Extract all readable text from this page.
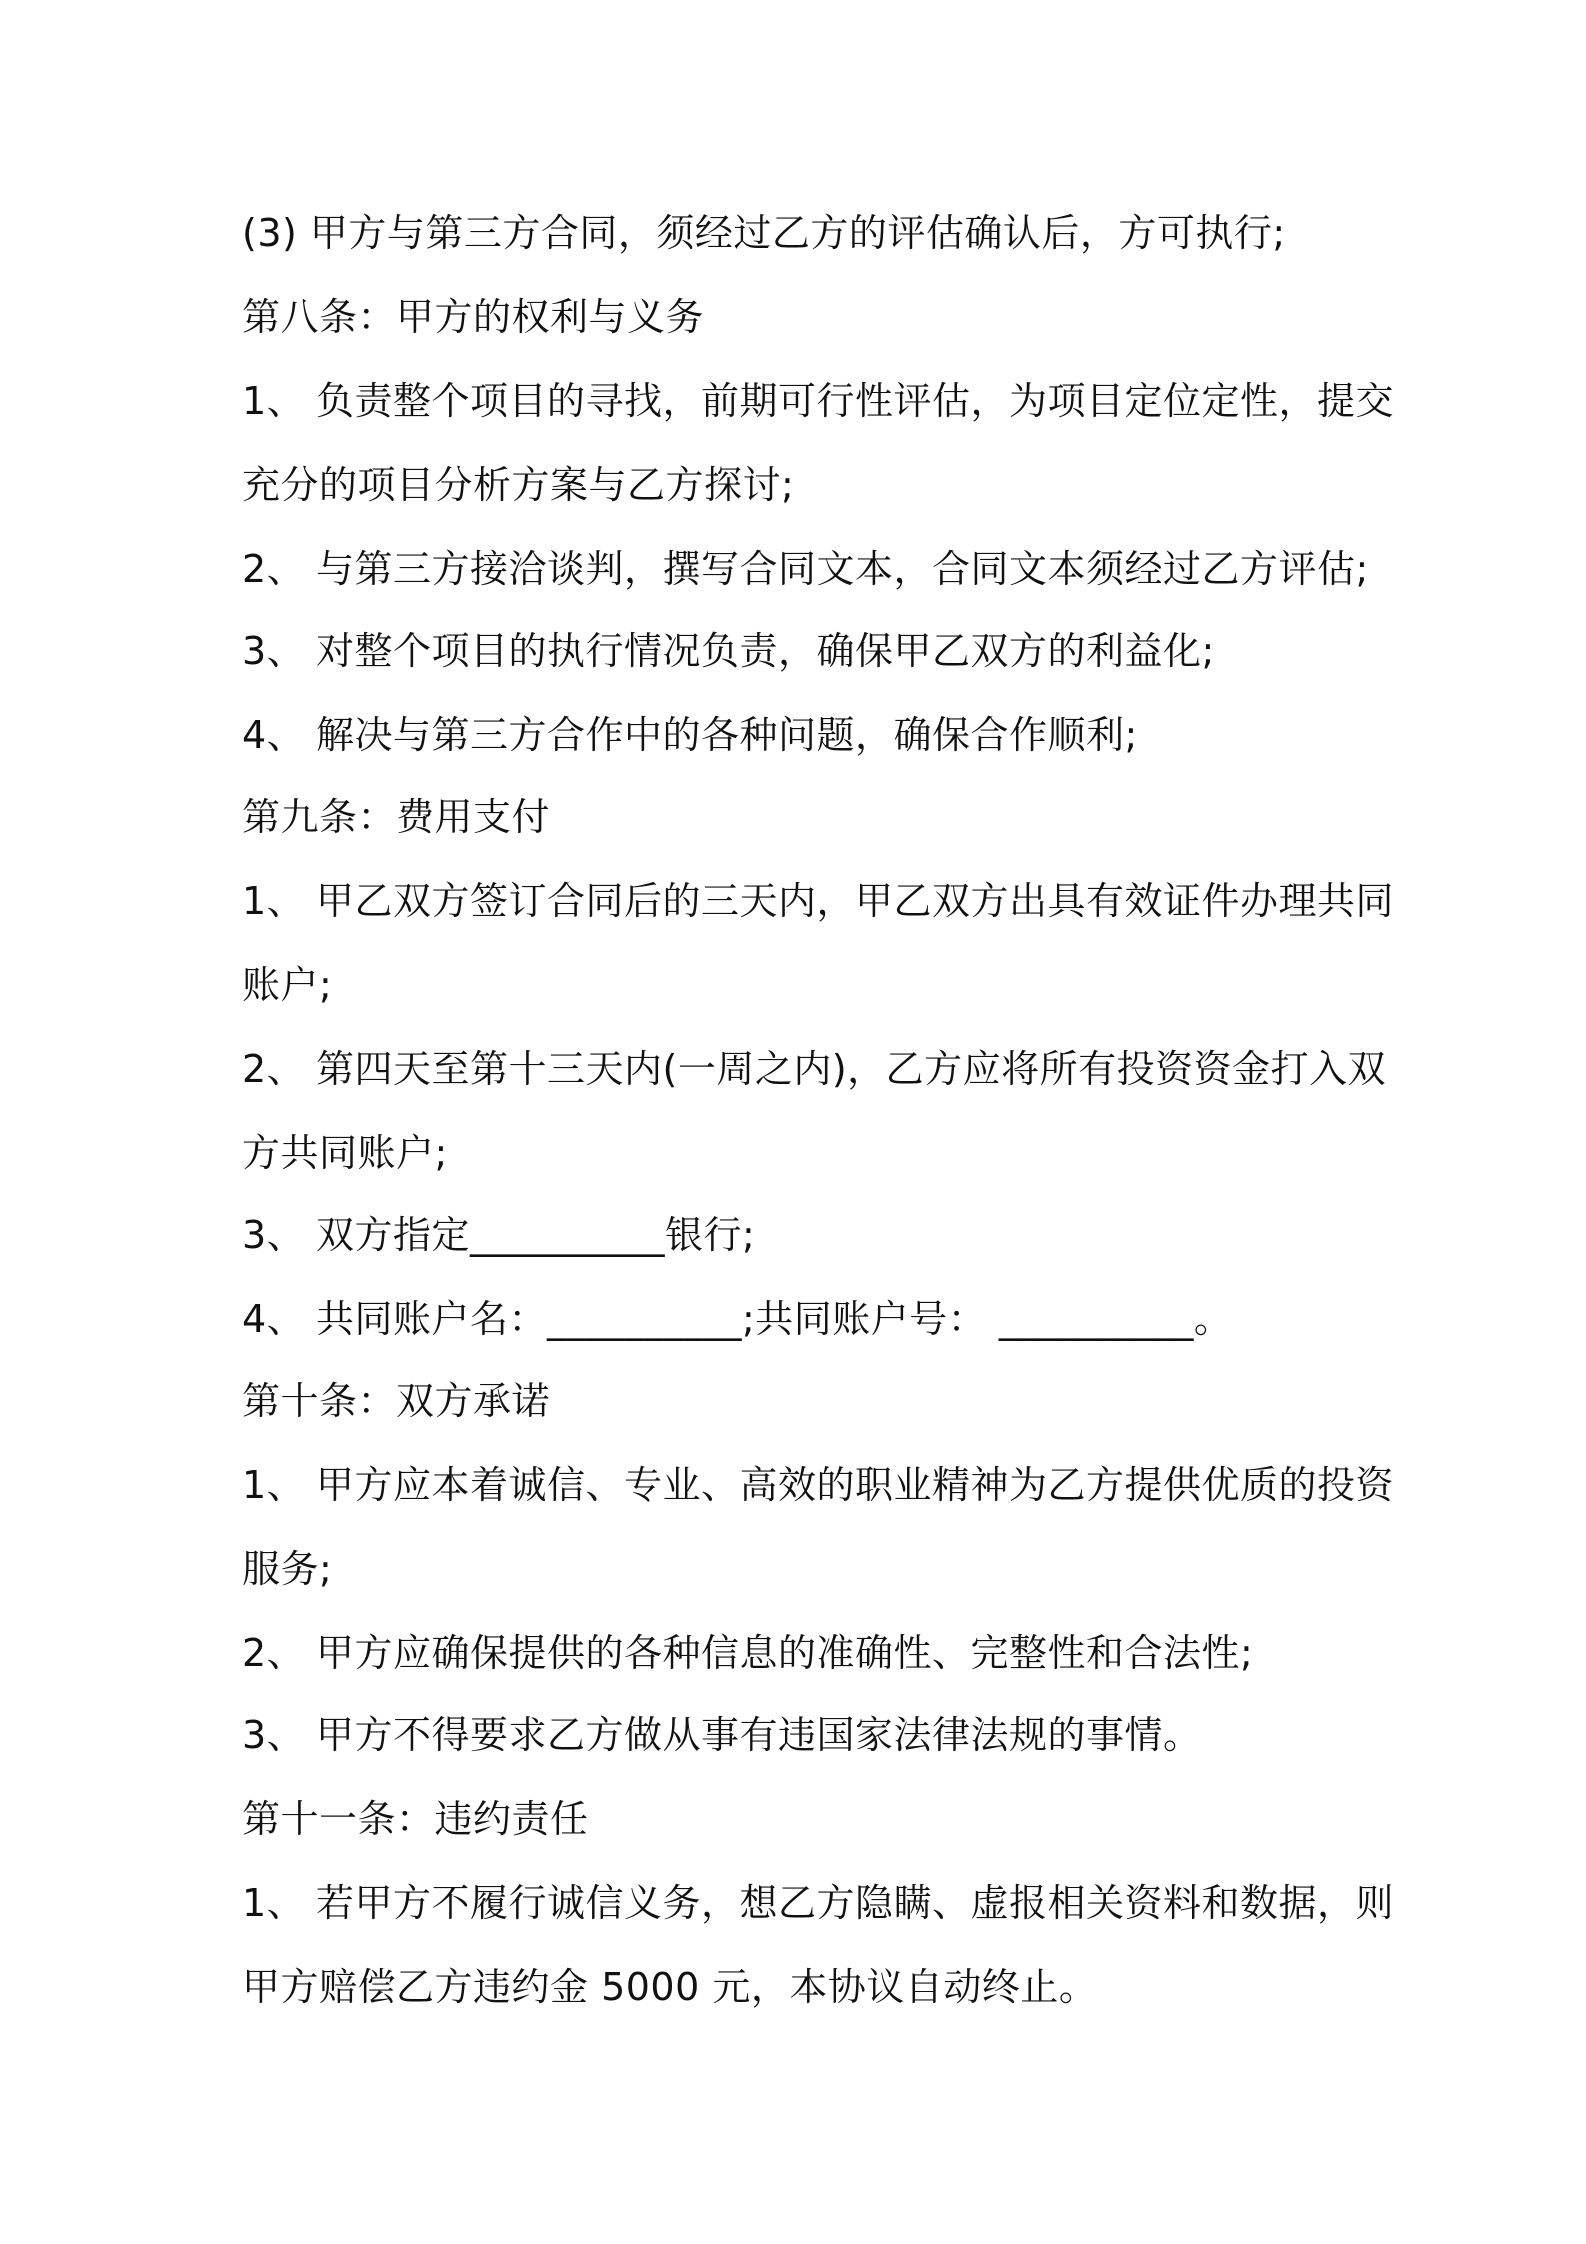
(3) 甲方与第三方合同，须经过乙方的评估确认后，方可执行;
第八条：甲方的权利与义务
1、 负责整个项目的寻找，前期可行性评估，为项目定位定性，提交
充分的项目分析方案与乙方探讨;
2、 与第三方接洽谈判，撰写合同文本，合同文本须经过乙方评估;
3、 对整个项目的执行情况负责，确保甲乙双方的利益化;
4、 解决与第三方合作中的各种问题，确保合作顺利;
第九条：费用支付
1、 甲乙双方签订合同后的三天内，甲乙双方出具有效证件办理共同
账户;
2、 第四天至第十三天内(一周之内)，乙方应将所有投资资金打入双
方共同账户;
3、 双方指定__________银行;
4、 共同账户名：__________;共同账户号： __________。
第十条：双方承诺
1、 甲方应本着诚信、专业、高效的职业精神为乙方提供优质的投资
服务;
2、 甲方应确保提供的各种信息的准确性、完整性和合法性;
3、 甲方不得要求乙方做从事有违国家法律法规的事情。
第十一条：违约责任
1、 若甲方不履行诚信义务，想乙方隐瞒、虚报相关资料和数据，则
甲方赔偿乙方违约金 5000 元，本协议自动终止。
